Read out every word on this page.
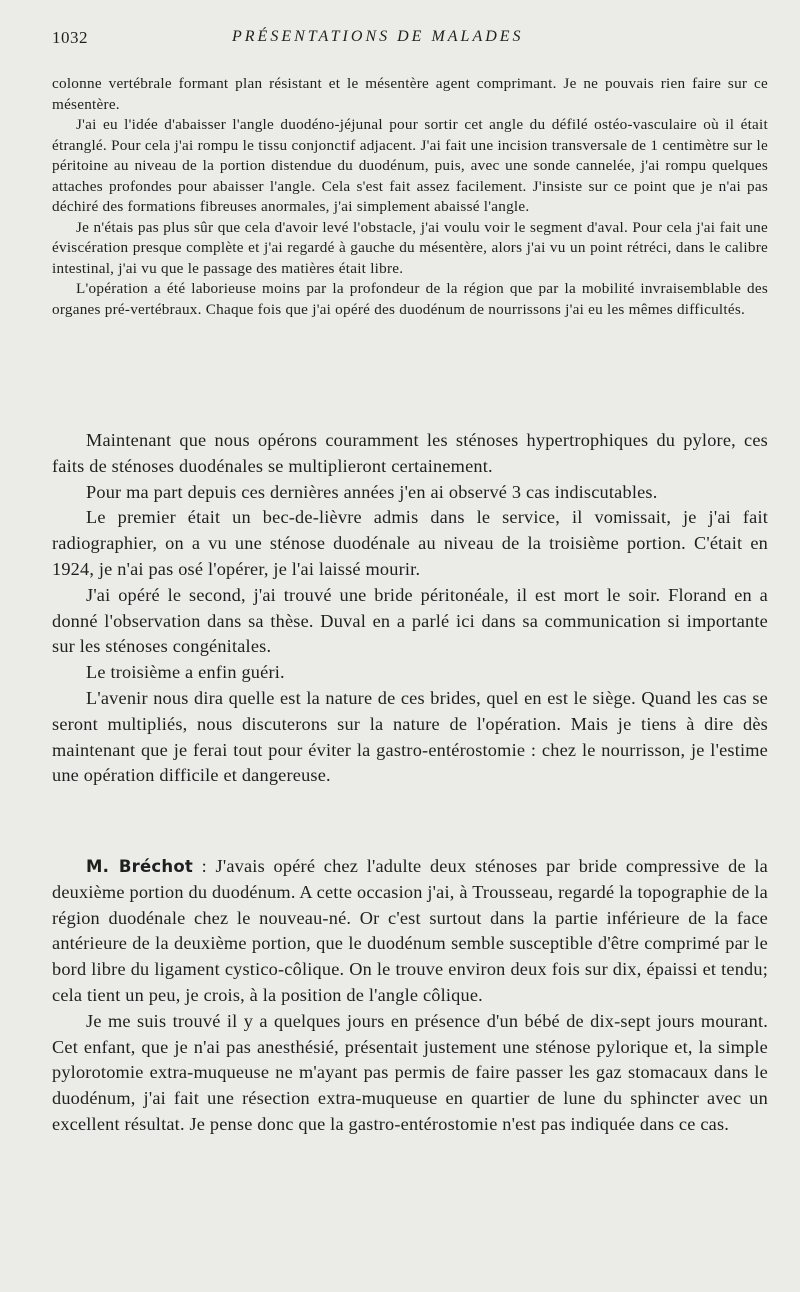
1032	PRÉSENTATIONS DE MALADES

colonne vertébrale formant plan résistant et le mésentère agent comprimant. Je ne pouvais rien faire sur ce mésentère.

J'ai eu l'idée d'abaisser l'angle duodéno-jéjunal pour sortir cet angle du défilé ostéo-vasculaire où il était étranglé. Pour cela j'ai rompu le tissu conjonctif adjacent. J'ai fait une incision transversale de 1 centimètre sur le péritoine au niveau de la portion distendue du duodénum, puis, avec une sonde cannelée, j'ai rompu quelques attaches profondes pour abaisser l'angle. Cela s'est fait assez facilement. J'insiste sur ce point que je n'ai pas déchiré des formations fibreuses anormales, j'ai simplement abaissé l'angle.

Je n'étais pas plus sûr que cela d'avoir levé l'obstacle, j'ai voulu voir le segment d'aval. Pour cela j'ai fait une éviscération presque complète et j'ai regardé à gauche du mésentère, alors j'ai vu un point rétréci, dans le calibre intestinal, j'ai vu que le passage des matières était libre.

L'opération a été laborieuse moins par la profondeur de la région que par la mobilité invraisemblable des organes pré-vertébraux. Chaque fois que j'ai opéré des duodénum de nourrissons j'ai eu les mêmes difficultés.

Maintenant que nous opérons couramment les sténoses hypertrophiques du pylore, ces faits de sténoses duodénales se multiplieront certainement.

Pour ma part depuis ces dernières années j'en ai observé 3 cas indiscutables.

Le premier était un bec-de-lièvre admis dans le service, il vomissait, je j'ai fait radiographier, on a vu une sténose duodénale au niveau de la troisième portion. C'était en 1924, je n'ai pas osé l'opérer, je l'ai laissé mourir.

J'ai opéré le second, j'ai trouvé une bride péritonéale, il est mort le soir. Florand en a donné l'observation dans sa thèse. Duval en a parlé ici dans sa communication si importante sur les sténoses congénitales.

Le troisième a enfin guéri.

L'avenir nous dira quelle est la nature de ces brides, quel en est le siège. Quand les cas se seront multipliés, nous discuterons sur la nature de l'opération. Mais je tiens à dire dès maintenant que je ferai tout pour éviter la gastro-entérostomie : chez le nourrisson, je l'estime une opération difficile et dangereuse.

M. Bréchot : J'avais opéré chez l'adulte deux sténoses par bride compressive de la deuxième portion du duodénum. A cette occasion j'ai, à Trousseau, regardé la topographie de la région duodénale chez le nouveau-né. Or c'est surtout dans la partie inférieure de la face antérieure de la deuxième portion, que le duodénum semble susceptible d'être comprimé par le bord libre du ligament cystico-côlique. On le trouve environ deux fois sur dix, épaissi et tendu; cela tient un peu, je crois, à la position de l'angle côlique.

Je me suis trouvé il y a quelques jours en présence d'un bébé de dix-sept jours mourant. Cet enfant, que je n'ai pas anesthésié, présentait justement une sténose pylorique et, la simple pylorotomie extra-muqueuse ne m'ayant pas permis de faire passer les gaz stomacaux dans le duodénum, j'ai fait une résection extra-muqueuse en quartier de lune du sphincter avec un excellent résultat. Je pense donc que la gastro-entérostomie n'est pas indiquée dans ce cas.
